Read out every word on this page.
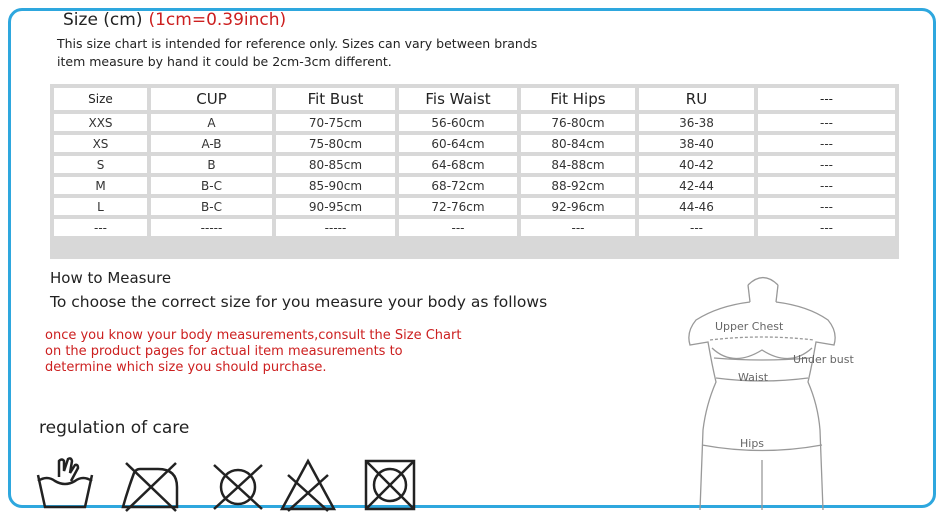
Size (cm) (1cm=0.39inch)
This size chart is intended for reference only. Sizes can vary between brands
item measure by hand it could be 2cm-3cm different.
Size	CUP	Fit Bust	Fis Waist	Fit Hips	RU	---
XXS	A	70-75cm	56-60cm	76-80cm	36-38	---
XS	A-B	75-80cm	60-64cm	80-84cm	38-40	---
S	B	80-85cm	64-68cm	84-88cm	40-42	---
M	B-C	85-90cm	68-72cm	88-92cm	42-44	---
L	B-C	90-95cm	72-76cm	92-96cm	44-46	---
---	-----	-----	---	---	---	---
How to Measure
To choose the correct size for you measure your body as follows
once you know your body measurements,consult the Size Chart on the product pages for actual item measurements to determine which size you should purchase.
Upper Chest
Under bust
Waist
Hips
regulation of care
